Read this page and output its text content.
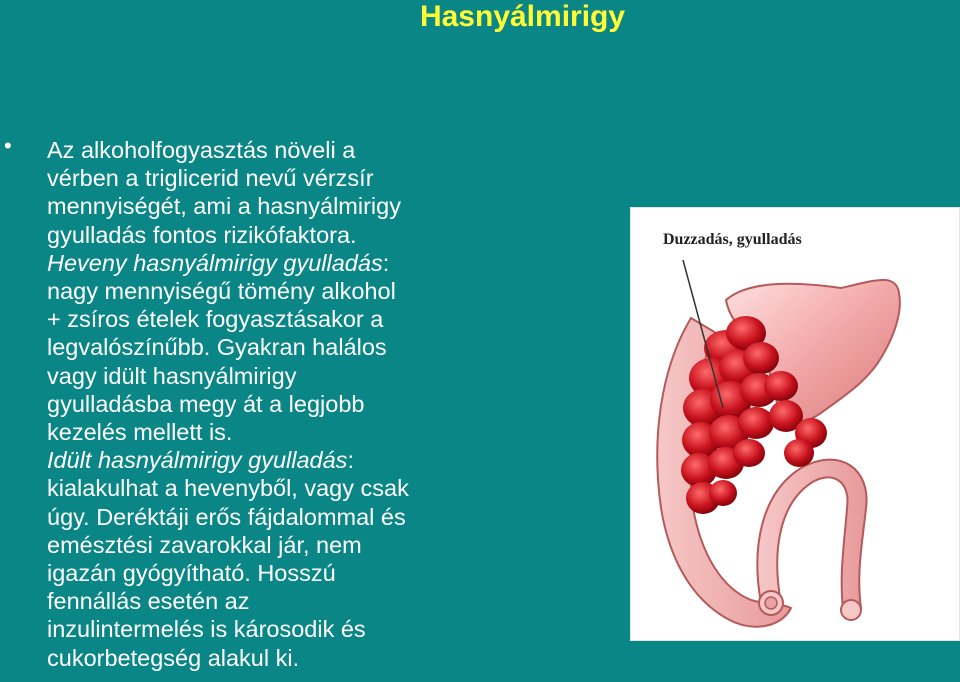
Hasnyálmirigy
• Az alkoholfogyasztás növeli a
vérben a triglicerid nevű vérzsír
mennyiségét, ami a hasnyálmirigy
gyulladás fontos rizikófaktora.
Heveny hasnyálmirigy gyulladás:
nagy mennyiségű tömény alkohol
+ zsíros ételek fogyasztásakor a
legvalószínűbb. Gyakran halálos
vagy idült hasnyálmirigy
gyulladásba megy át a legjobb
kezelés mellett is.
Idült hasnyálmirigy gyulladás:
kialakulhat a hevenyből, vagy csak
úgy. Deréktáji erős fájdalommal és
emésztési zavarokkal jár, nem
igazán gyógyítható. Hosszú
fennállás esetén az
inzulintermelés is károsodik és
cukorbetegség alakul ki.
Duzzadás, gyulladás
